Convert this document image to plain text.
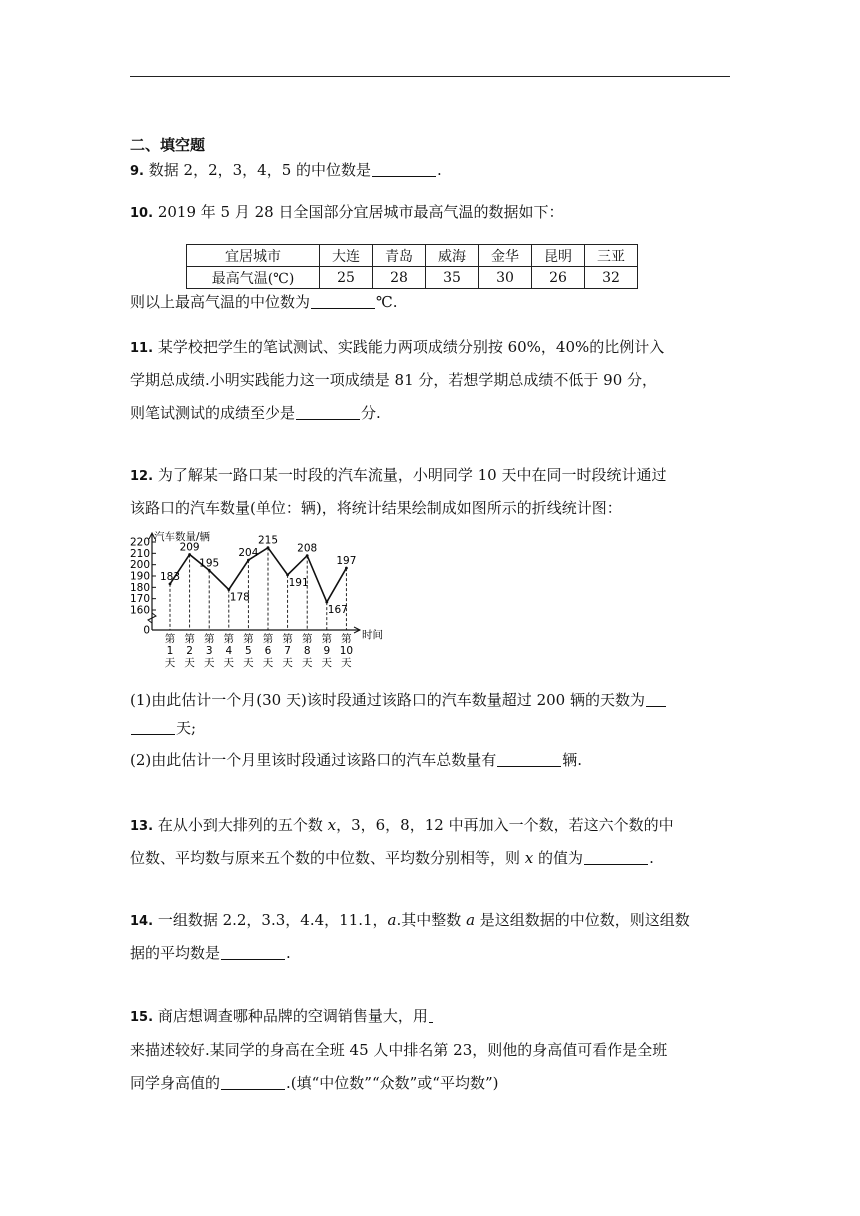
二、填空题
9. 数据 2，2，3，4，5 的中位数是	.
10. 2019 年 5 月 28 日全国部分宜居城市最高气温的数据如下：
宜居城市	大连	青岛	威海	金华	昆明	三亚
最高气温(℃)	25	28	35	30	26	32
则以上最高气温的中位数为	℃.
11. 某学校把学生的笔试测试、实践能力两项成绩分别按 60%，40%的比例计入
学期总成绩.小明实践能力这一项成绩是 81 分，若想学期总成绩不低于 90 分，
则笔试测试的成绩至少是	分.
12. 为了解某一路口某一时段的汽车流量，小明同学 10 天中在同一时段统计通过
该路口的汽车数量(单位：辆)，将统计结果绘制成如图所示的折线统计图：
0
160
170
180
190
200
210
220 汽车数量/辆
时间
183
209
195
178
204
215
191
208
167
197
第
1
天
第
2
天
第
3
天
第
4
天
第
5
天
第
6
天
第
7
天
第
8
天
第
9
天
第
10
天
(1)由此估计一个月(30 天)该时段通过该路口的汽车数量超过 200 辆的天数为
天;
(2)由此估计一个月里该时段通过该路口的汽车总数量有	辆.
13. 在从小到大排列的五个数 x，3，6，8，12 中再加入一个数，若这六个数的中
位数、平均数与原来五个数的中位数、平均数分别相等，则 x 的值为	.
14. 一组数据 2.2，3.3，4.4，11.1，a.其中整数 a 是这组数据的中位数，则这组数
据的平均数是	.
15. 商店想调查哪种品牌的空调销售量大，用
来描述较好.某同学的身高在全班 45 人中排名第 23，则他的身高值可看作是全班
同学身高值的	.(填“中位数”“众数”或“平均数”)
